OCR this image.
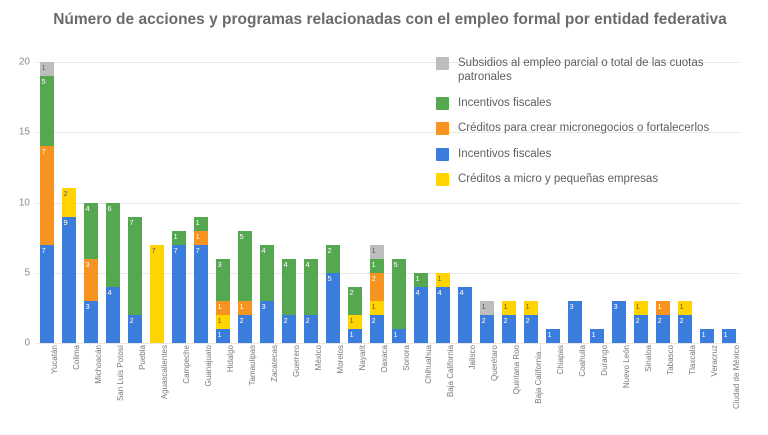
Número de acciones y programas relacionadas con el empleo formal por entidad federativa
0
5
10
15
20
1
5
7
7
2
9
4
3
3
6
4
7
2
7
1
7
1
1
7
3
1
1
1
5
1
2
4
3
4
2
4
2
2
5
2
1
1
1
1
2
1
2
5
1
1
4
1
4 4
1
2
1
2
1
2
1
3
1
3 1
2
1
2
1
2
1 1
Yucatán Colima Michoacán San Luis Potosí Puebla Aguascalientes Campeche Guanajuato Hidalgo Tamaulipas Zacatecas Guerrero México Morelos Nayarit Oaxaca Sonora Chihuahua Baja California Jalisco Querétaro Quintana Roo Baja California... Chiapas Coahuila Durango Nuevo León Sinaloa Tabasco Tlaxcala Veracruz Ciudad de México
Subsidios al empleo parcial o total de las cuotas patronales
Incentivos fiscales
Créditos para crear micronegocios o fortalecerlos
Incentivos fiscales
Créditos a micro y pequeñas empresas
